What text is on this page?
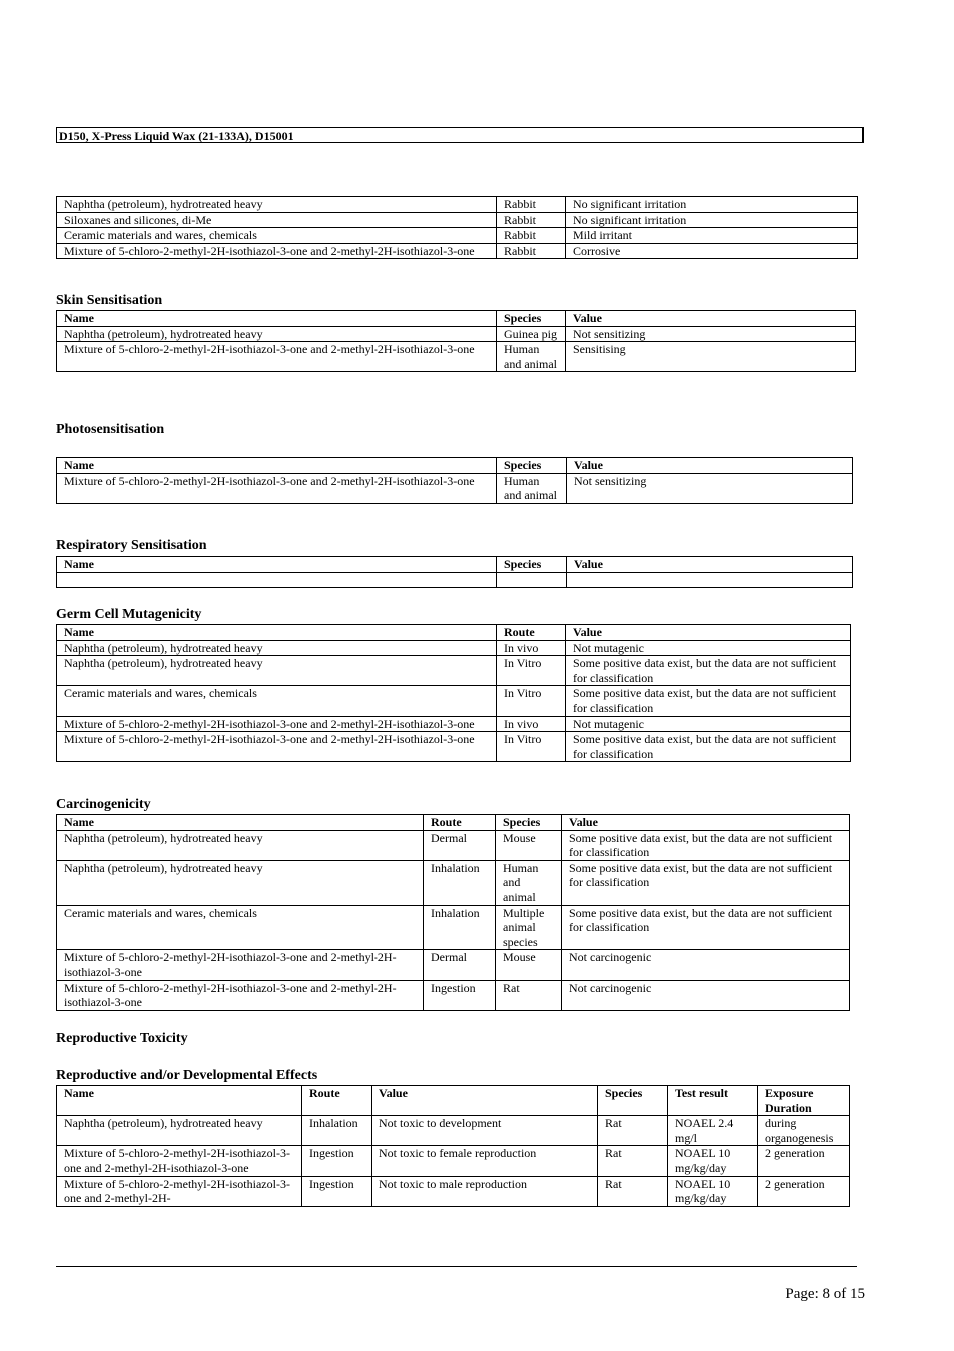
D150, X-Press Liquid Wax (21-133A), D15001
Naphtha (petroleum), hydrotreated heavy	Rabbit	No significant irritation
Siloxanes and silicones, di-Me	Rabbit	No significant irritation
Ceramic materials and wares, chemicals	Rabbit	Mild irritant
Mixture of 5-chloro-2-methyl-2H-isothiazol-3-one and 2-methyl-2H-isothiazol-3-one	Rabbit	Corrosive
Skin Sensitisation
Name	Species	Value
Naphtha (petroleum), hydrotreated heavy	Guinea pig	Not sensitizing
Mixture of 5-chloro-2-methyl-2H-isothiazol-3-one and 2-methyl-2H-isothiazol-3-one	Human and animal	Sensitising
Photosensitisation
Name	Species	Value
Mixture of 5-chloro-2-methyl-2H-isothiazol-3-one and 2-methyl-2H-isothiazol-3-one	Human and animal	Not sensitizing
Respiratory Sensitisation
Name	Species	Value

Germ Cell Mutagenicity
Name	Route	Value
Naphtha (petroleum), hydrotreated heavy	In vivo	Not mutagenic
Naphtha (petroleum), hydrotreated heavy	In Vitro	Some positive data exist, but the data are not sufficient for classification
Ceramic materials and wares, chemicals	In Vitro	Some positive data exist, but the data are not sufficient for classification
Mixture of 5-chloro-2-methyl-2H-isothiazol-3-one and 2-methyl-2H-isothiazol-3-one	In vivo	Not mutagenic
Mixture of 5-chloro-2-methyl-2H-isothiazol-3-one and 2-methyl-2H-isothiazol-3-one	In Vitro	Some positive data exist, but the data are not sufficient for classification
Carcinogenicity
Name	Route	Species	Value
Naphtha (petroleum), hydrotreated heavy	Dermal	Mouse	Some positive data exist, but the data are not sufficient for classification
Naphtha (petroleum), hydrotreated heavy	Inhalation	Human and animal	Some positive data exist, but the data are not sufficient for classification
Ceramic materials and wares, chemicals	Inhalation	Multiple animal species	Some positive data exist, but the data are not sufficient for classification
Mixture of 5-chloro-2-methyl-2H-isothiazol-3-one and 2-methyl-2H-isothiazol-3-one	Dermal	Mouse	Not carcinogenic
Mixture of 5-chloro-2-methyl-2H-isothiazol-3-one and 2-methyl-2H-isothiazol-3-one	Ingestion	Rat	Not carcinogenic
Reproductive Toxicity
Reproductive and/or Developmental Effects
Name	Route	Value	Species	Test result	Exposure Duration
Naphtha (petroleum), hydrotreated heavy	Inhalation	Not toxic to development	Rat	NOAEL 2.4 mg/l	during organogenesis
Mixture of 5-chloro-2-methyl-2H-isothiazol-3-one and 2-methyl-2H-isothiazol-3-one	Ingestion	Not toxic to female reproduction	Rat	NOAEL 10 mg/kg/day	2 generation
Mixture of 5-chloro-2-methyl-2H-isothiazol-3-one and 2-methyl-2H-	Ingestion	Not toxic to male reproduction	Rat	NOAEL 10 mg/kg/day	2 generation
Page: 8 of 15
